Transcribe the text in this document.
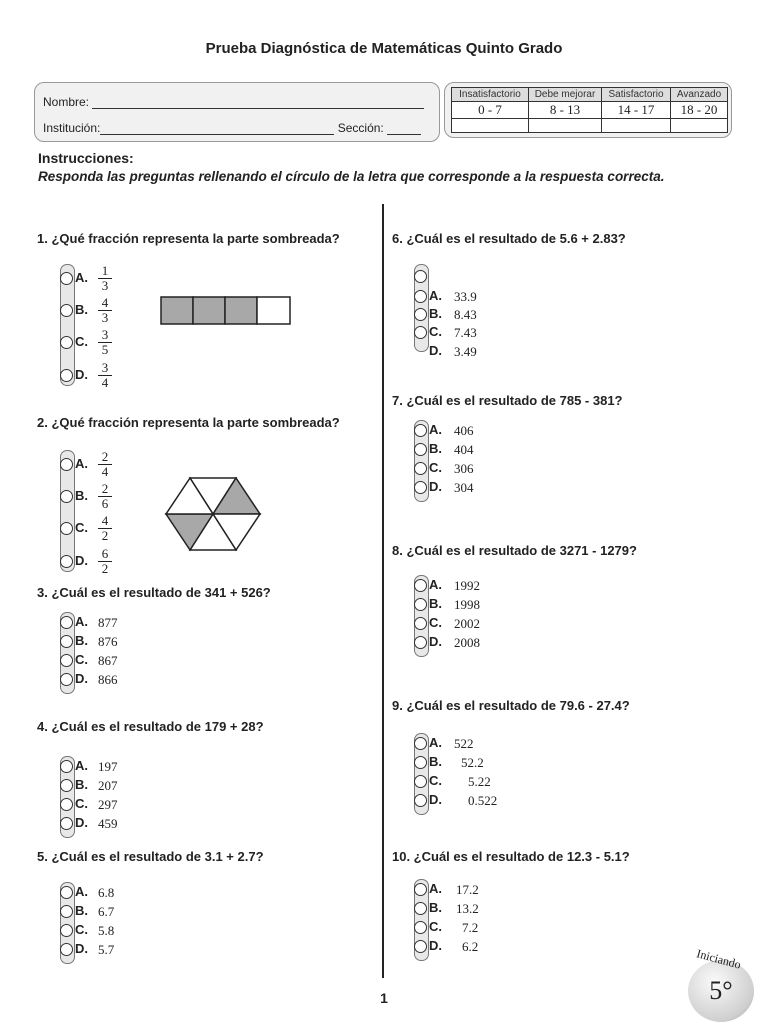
Prueba Diagnóstica de Matemáticas Quinto Grado
Nombre:
Institución:	Sección:
Insatisfactorio	Debe mejorar	Satisfactorio	Avanzado
0 - 7	8 - 13	14 - 17	18 - 20

Instrucciones:
Responda las preguntas rellenando el círculo de la letra que corresponde a la respuesta correcta.
1. ¿Qué fracción representa la parte sombreada?
A. $\frac{1}{3}$
B. $\frac{4}{3}$
C. $\frac{3}{5}$
D. $\frac{3}{4}$
2. ¿Qué fracción representa la parte sombreada?
A. $\frac{2}{4}$
B. $\frac{2}{6}$
C. $\frac{4}{2}$
D. $\frac{6}{2}$
3. ¿Cuál es el resultado de 341 + 526?
A. 877
B. 876
C. 867
D. 866
4. ¿Cuál es el resultado de 179 + 28?
A. 197
B. 207
C. 297
D. 459
5. ¿Cuál es el resultado de 3.1 + 2.7?
A. 6.8
B. 6.7
C. 5.8
D. 5.7
6. ¿Cuál es el resultado de 5.6 + 2.83?
A. 33.9
B. 8.43
C. 7.43
D. 3.49
7. ¿Cuál es el resultado de 785 - 381?
A. 406
B. 404
C. 306
D. 304
8. ¿Cuál es el resultado de 3271 - 1279?
A. 1992
B. 1998
C. 2002
D. 2008
9. ¿Cuál es el resultado de 79.6 - 27.4?
A. 522
B. 52.2
C. 5.22
D. 0.522
10. ¿Cuál es el resultado de 12.3 - 5.1?
A. 17.2
B. 13.2
C. 7.2
D. 6.2
1
Iniciando
5°
